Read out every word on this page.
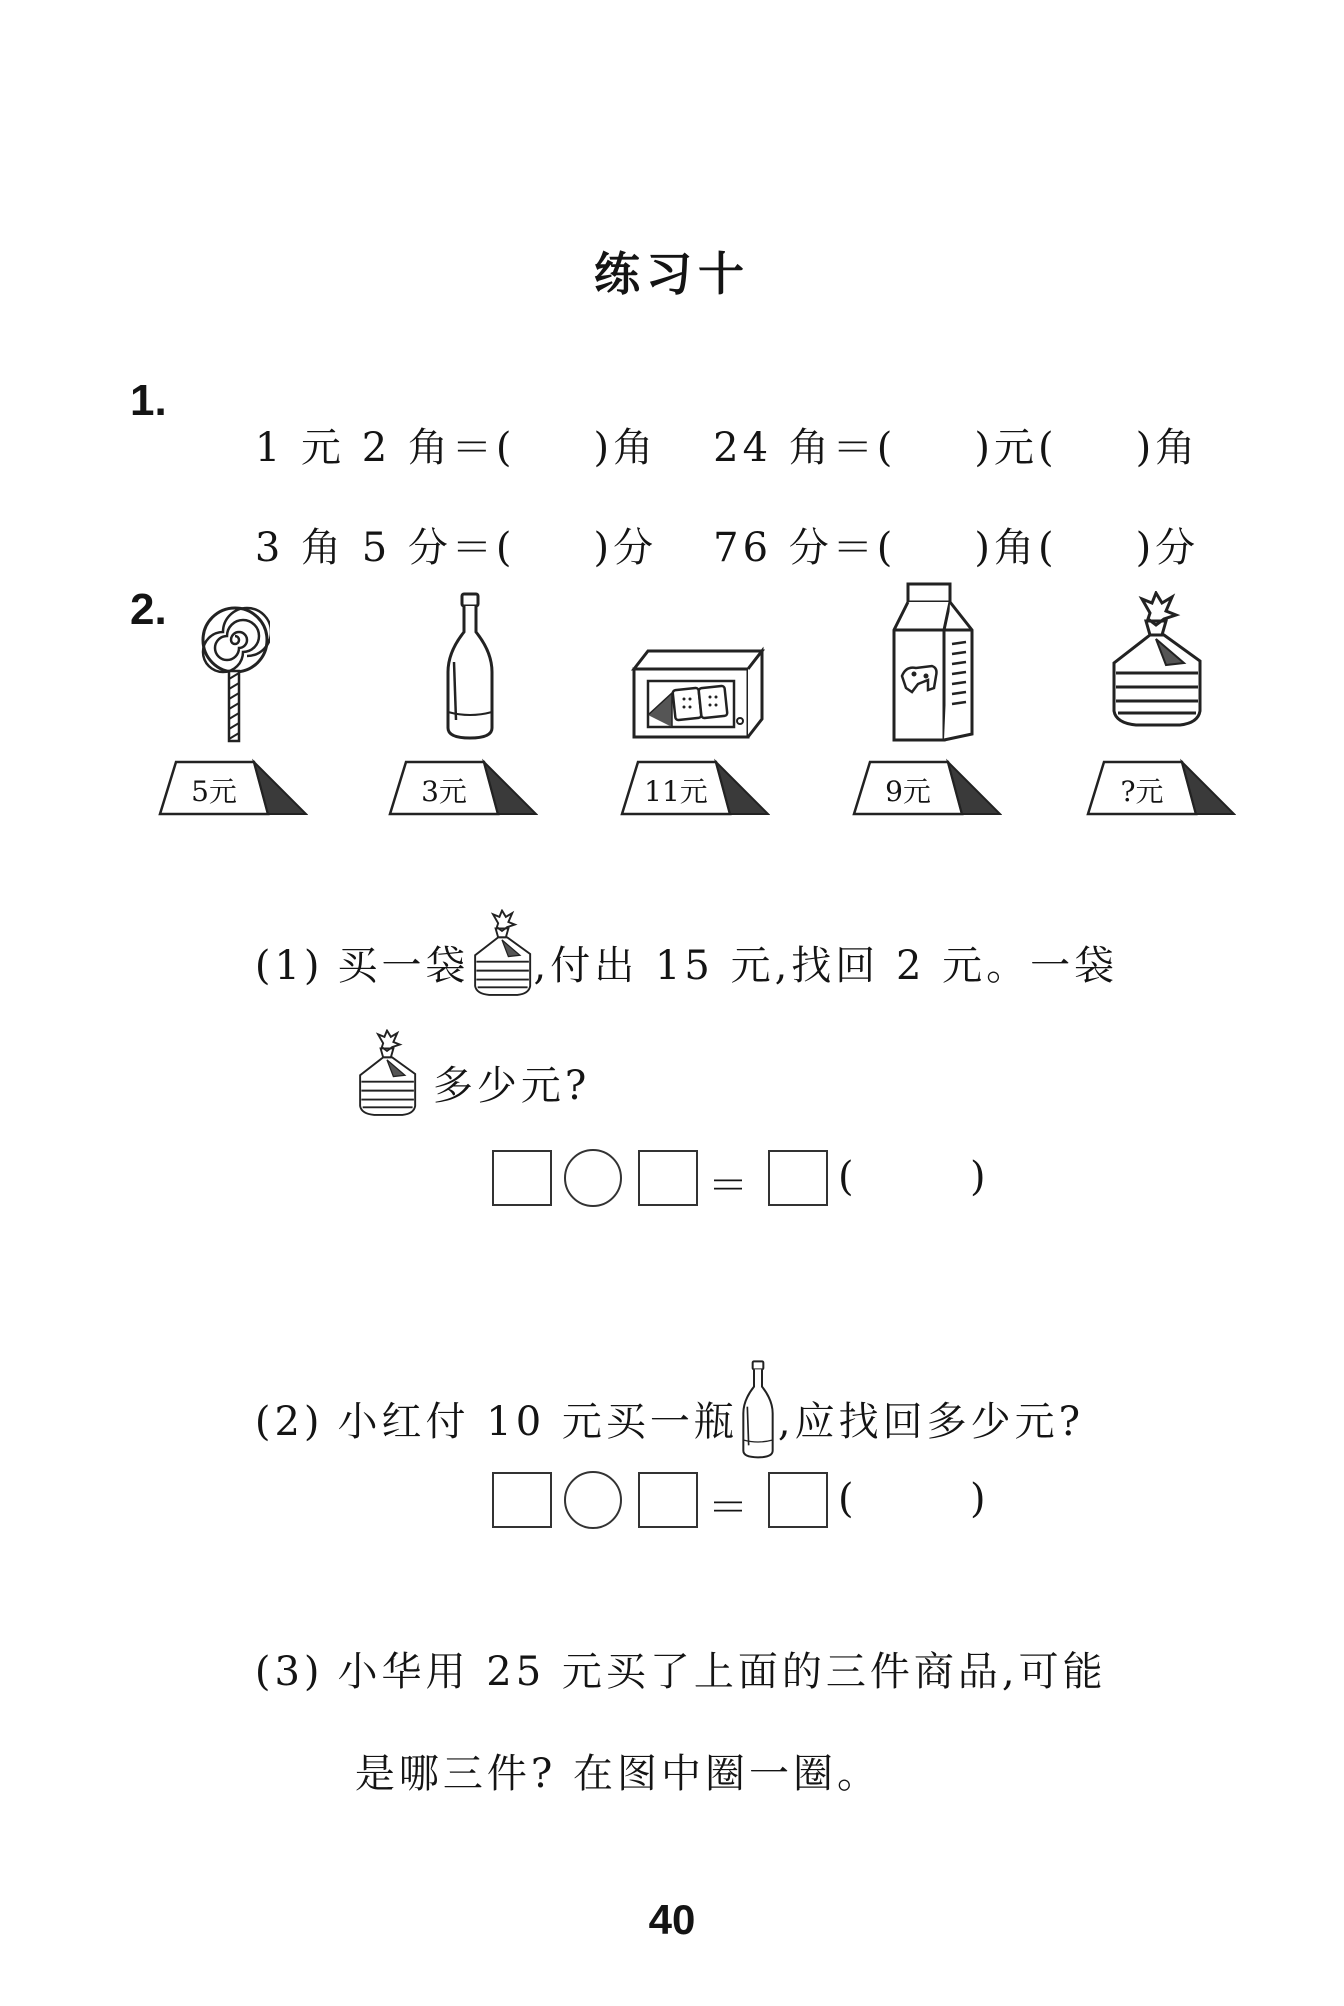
练习十
1.

1 元 2 角＝( )角 24 角＝( )元( )角

3 角 5 分＝( )分 76 分＝( )角( )分

2.
5元	3元	11元	9元	?元

(1) 买一袋 ,付出 15 元,找回 2 元。一袋

多少元?

＝ (	)

(2) 小红付 10 元买一瓶 ,应找回多少元?

＝ (	)

(3) 小华用 25 元买了上面的三件商品,可能

是哪三件? 在图中圈一圈。

40
